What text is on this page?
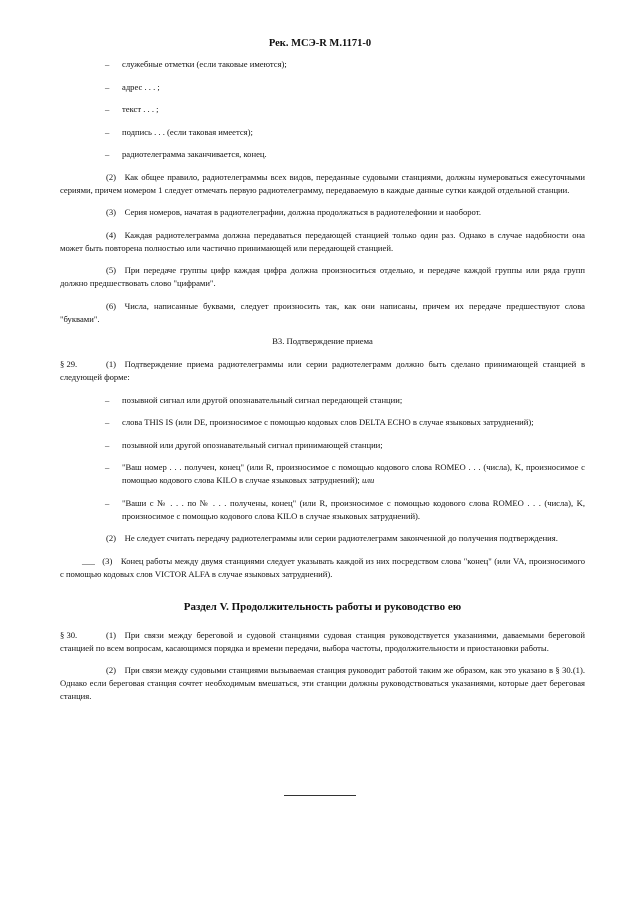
Рек. МСЭ-R M.1171-0
– служебные отметки (если таковые имеются);
– адрес . . . ;
– текст . . . ;
– подпись . . . (если таковая имеется);
– радиотелеграмма заканчивается, конец.

(2) Как общее правило, радиотелеграммы всех видов, переданные судовыми станциями, должны нумероваться ежесуточными сериями, причем номером 1 следует отмечать первую радиотелеграмму, передаваемую в каждые данные сутки каждой отдельной станции.

(3) Серия номеров, начатая в радиотелеграфии, должна продолжаться в радиотелефонии и наоборот.

(4) Каждая радиотелеграмма должна передаваться передающей станцией только один раз. Однако в случае надобности она может быть повторена полностью или частично принимающей или передающей станцией.

(5) При передаче группы цифр каждая цифра должна произноситься отдельно, и передаче каждой группы или ряда групп должно предшествовать слово "цифрами".

(6) Числа, написанные буквами, следует произносить так, как они написаны, причем их передаче предшествуют слова "буквами".

B3. Подтверждение приема

§ 29.	(1) Подтверждение приема радиотелеграммы или серии радиотелеграмм должно быть сделано принимающей станцией в следующей форме:

– позывной сигнал или другой опознавательный сигнал передающей станции;
– слова THIS IS (или DE, произносимое с помощью кодовых слов DELTA ECHO в случае языковых затруднений);
– позывной или другой опознавательный сигнал принимающей станции;
– "Ваш номер . . . получен, конец" (или R, произносимое с помощью кодового слова ROMEO . . . (числа), K, произносимое с помощью кодового слова KILO в случае языковых затруднений); или
– "Ваши с № . . . по № . . . получены, конец" (или R, произносимое с помощью кодового слова ROMEO . . . (числа), K, произносимое с помощью кодового слова KILO в случае языковых затруднений).

(2) Не следует считать передачу радиотелеграммы или серии радиотелеграмм законченной до получения подтверждения.

___ (3) Конец работы между двумя станциями следует указывать каждой из них посредством слова "конец" (или VA, произносимого с помощью кодовых слов VICTOR ALFA в случае языковых затруднений).

Раздел V. Продолжительность работы и руководство ею

§ 30.	(1) При связи между береговой и судовой станциями судовая станция руководствуется указаниями, даваемыми береговой станцией по всем вопросам, касающимся порядка и времени передачи, выбора частоты, продолжительности и приостановки работы.

(2) При связи между судовыми станциями вызываемая станция руководит работой таким же образом, как это указано в § 30.(1). Однако если береговая станция сочтет необходимым вмешаться, эти станции должны руководствоваться указаниями, которые дает береговая станция.
